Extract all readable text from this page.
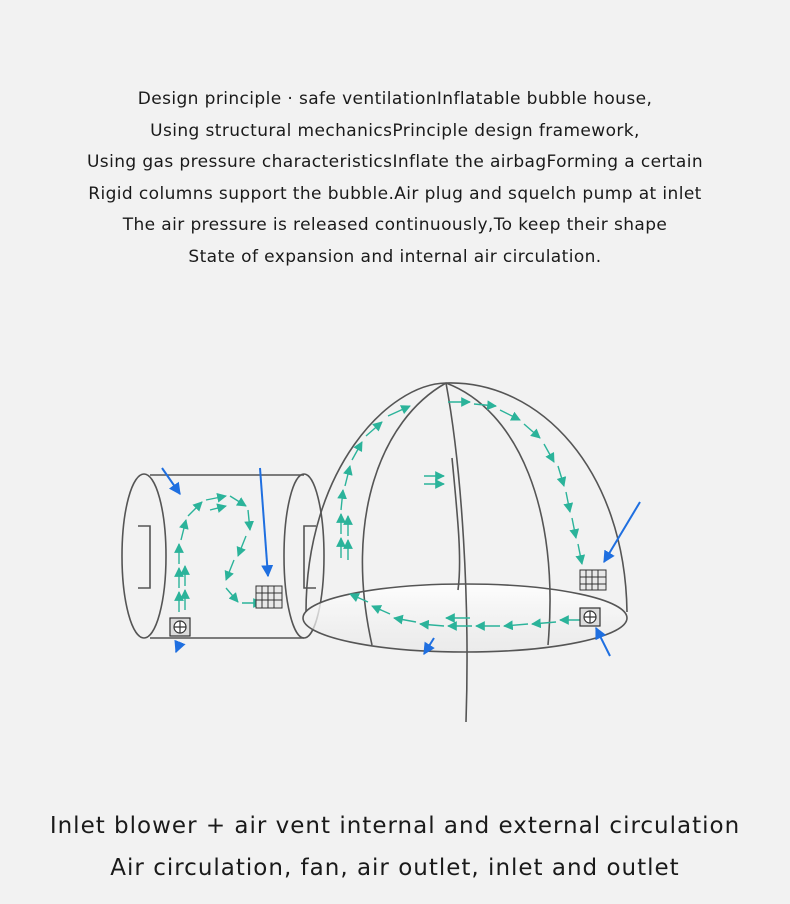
Design principle · safe ventilationInflatable bubble house,
Using structural mechanicsPrinciple design framework,
Using gas pressure characteristicsInflate the airbagForming a certain
Rigid columns support the bubble.Air plug and squelch pump at inlet
The air pressure is released continuously,To keep their shape
State of expansion and internal air circulation.
Inlet blower + air vent internal and external circulation
Air circulation, fan, air outlet, inlet and outlet
